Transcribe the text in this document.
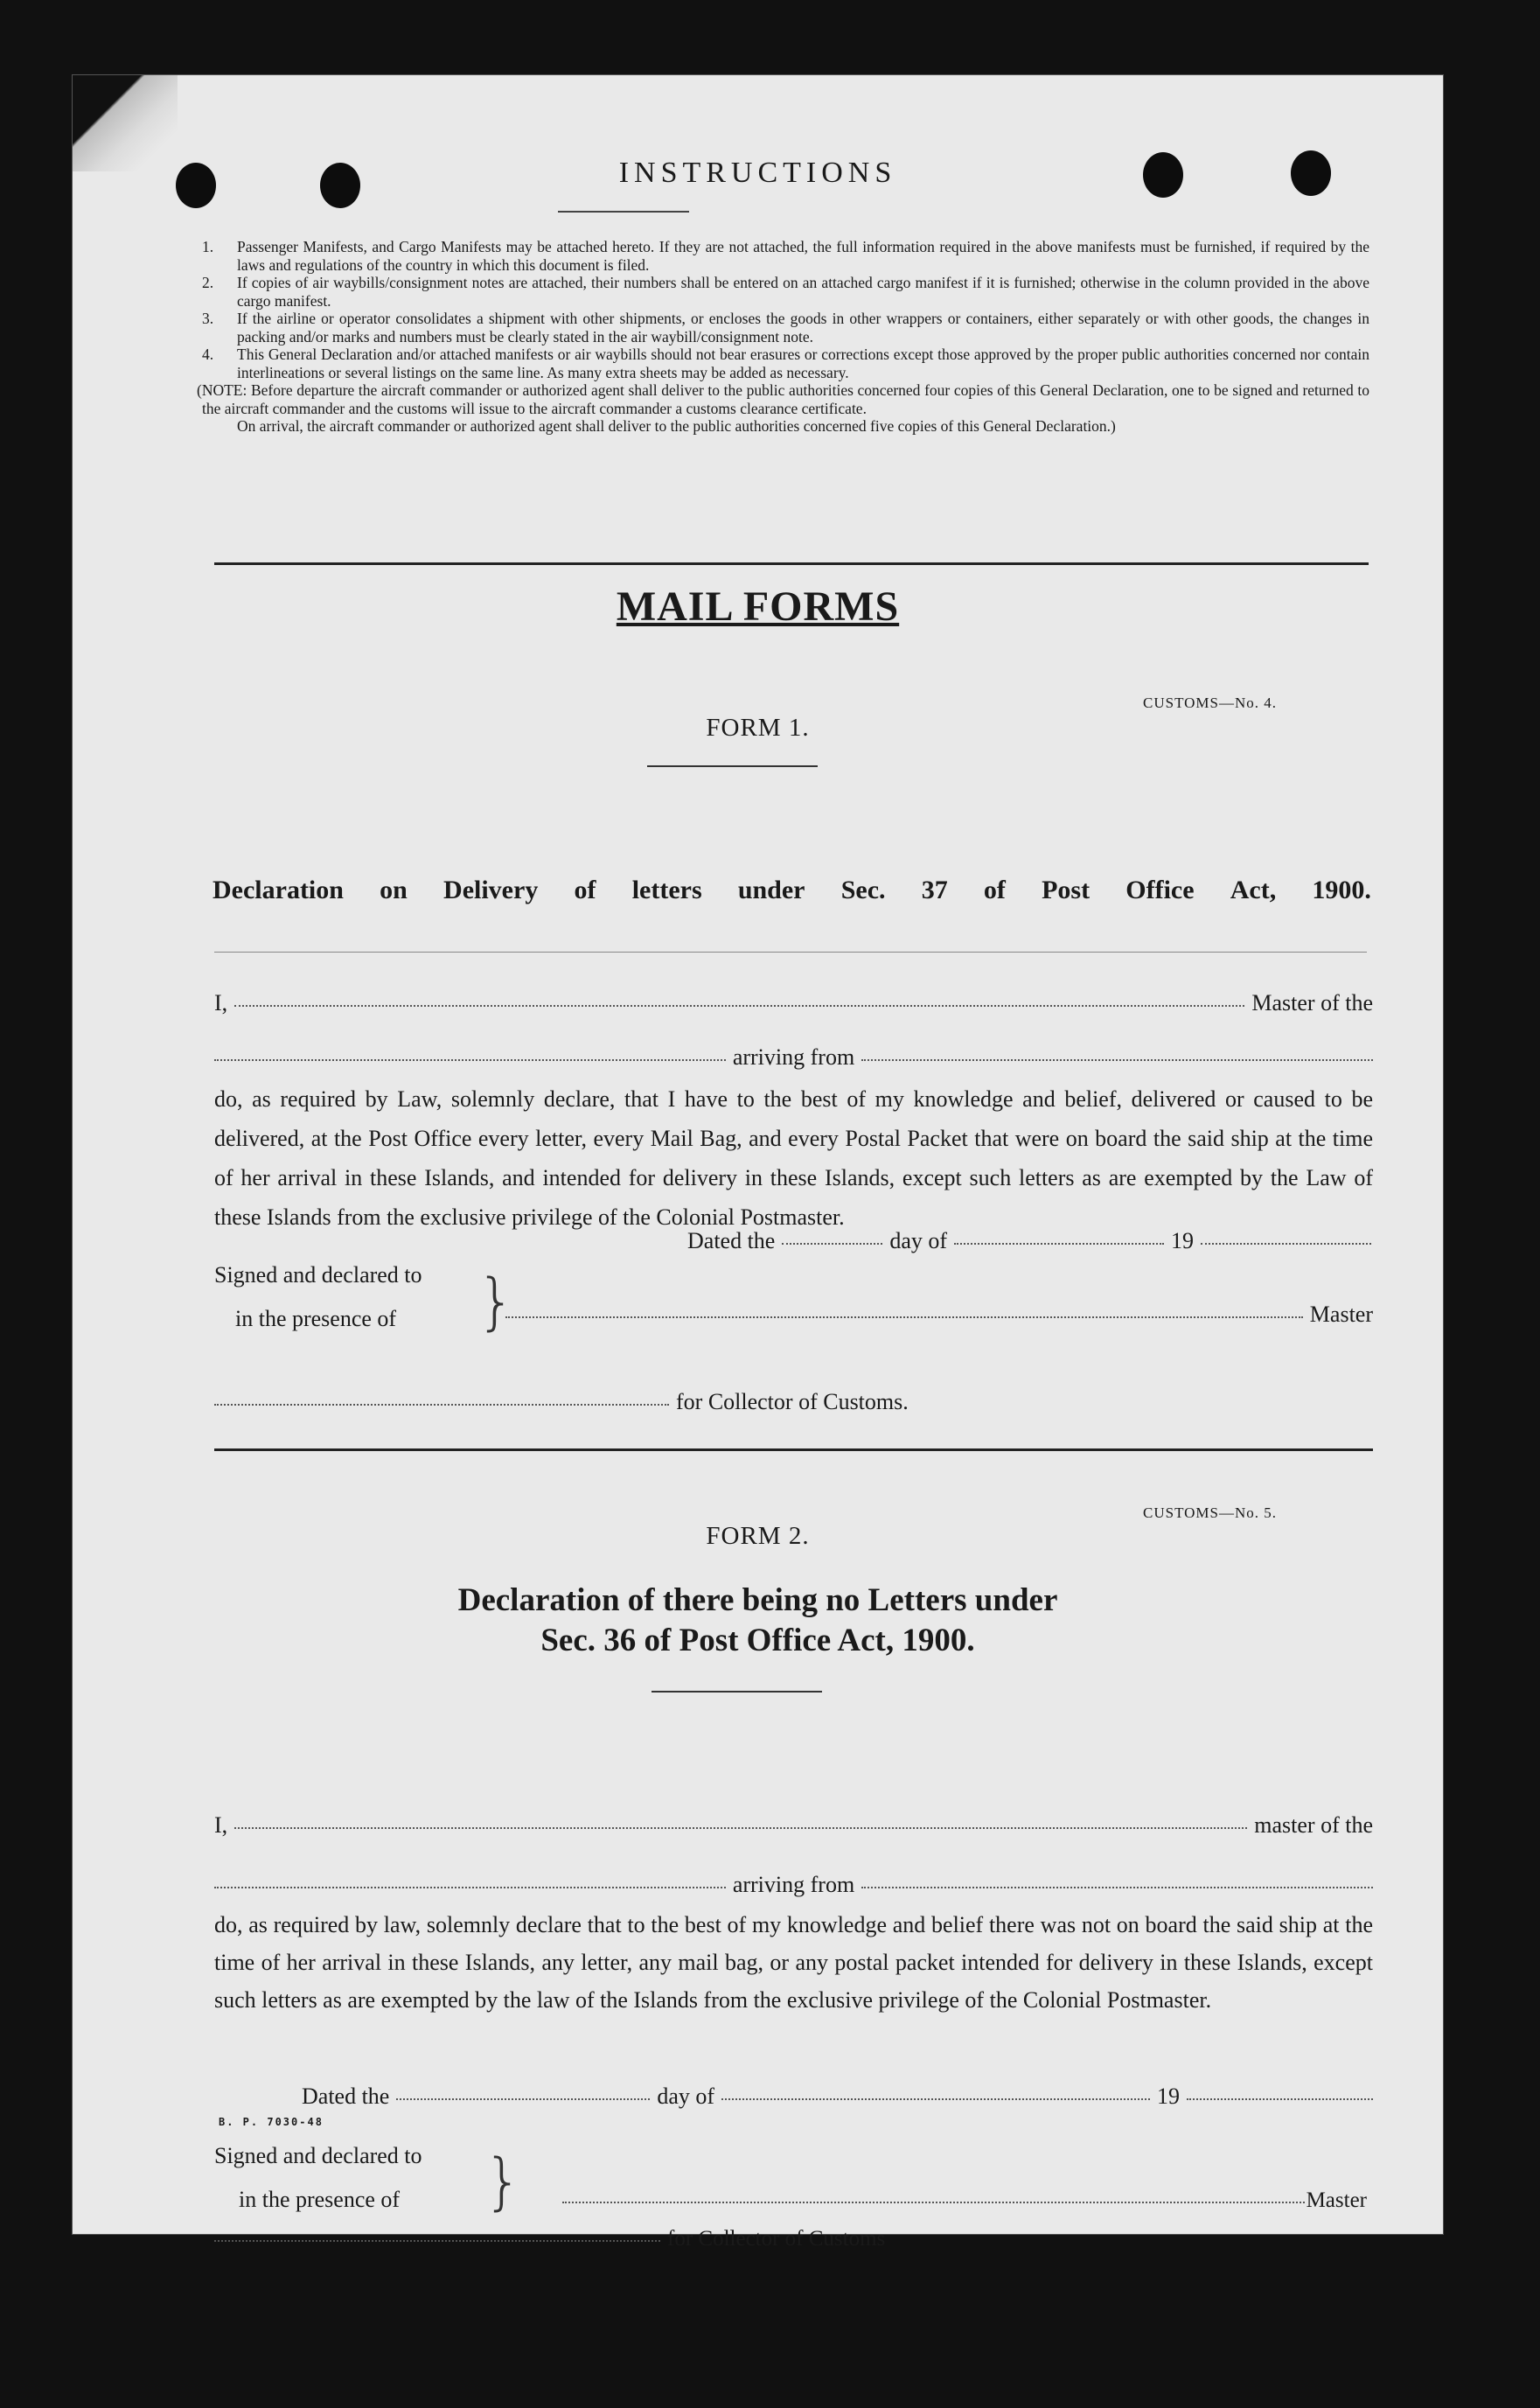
INSTRUCTIONS
1.	Passenger Manifests, and Cargo Manifests may be attached hereto. If they are not attached, the full information required in the above manifests must be furnished, if required by the laws and regulations of the country in which this document is filed.
2.	If copies of air waybills/consignment notes are attached, their numbers shall be entered on an attached cargo manifest if it is furnished; otherwise in the column provided in the above cargo manifest.
3.	If the airline or operator consolidates a shipment with other shipments, or encloses the goods in other wrappers or containers, either separately or with other goods, the changes in packing and/or marks and numbers must be clearly stated in the air waybill/consignment note.
4.	This General Declaration and/or attached manifests or air waybills should not bear erasures or corrections except those approved by the proper public authorities concerned nor contain interlineations or several listings on the same line. As many extra sheets may be added as necessary.
(NOTE: Before departure the aircraft commander or authorized agent shall deliver to the public authorities concerned four copies of this General Declaration, one to be signed and returned to the aircraft commander and the customs will issue to the aircraft commander a customs clearance certificate.
On arrival, the aircraft commander or authorized agent shall deliver to the public authorities concerned five copies of this General Declaration.)
MAIL FORMS
CUSTOMS—No. 4.
FORM 1.
Declaration on Delivery of letters under Sec. 37 of Post Office Act, 1900.
I,	Master of the
arriving from
do, as required by Law, solemnly declare, that I have to the best of my knowledge and belief, delivered or caused to be delivered, at the Post Office every letter, every Mail Bag, and every Postal Packet that were on board the said ship at the time of her arrival in these Islands, and intended for delivery in these Islands, except such letters as are exempted by the Law of these Islands from the exclusive privilege of the Colonial Postmaster.
Dated the	day of	19
Signed and declared to
in the presence of	}	Master
for Collector of Customs.
CUSTOMS—No. 5.
FORM 2.
Declaration of there being no Letters under
Sec. 36 of Post Office Act, 1900.
I,	master of the
arriving from
do, as required by law, solemnly declare that to the best of my knowledge and belief there was not on board the said ship at the time of her arrival in these Islands, any letter, any mail bag, or any postal packet intended for delivery in these Islands, except such letters as are exempted by the law of the Islands from the exclusive privilege of the Colonial Postmaster.
Dated the	day of	19
Signed and declared to
in the presence of	}	Master
for Collector of Customs
B. P. 7030-48
